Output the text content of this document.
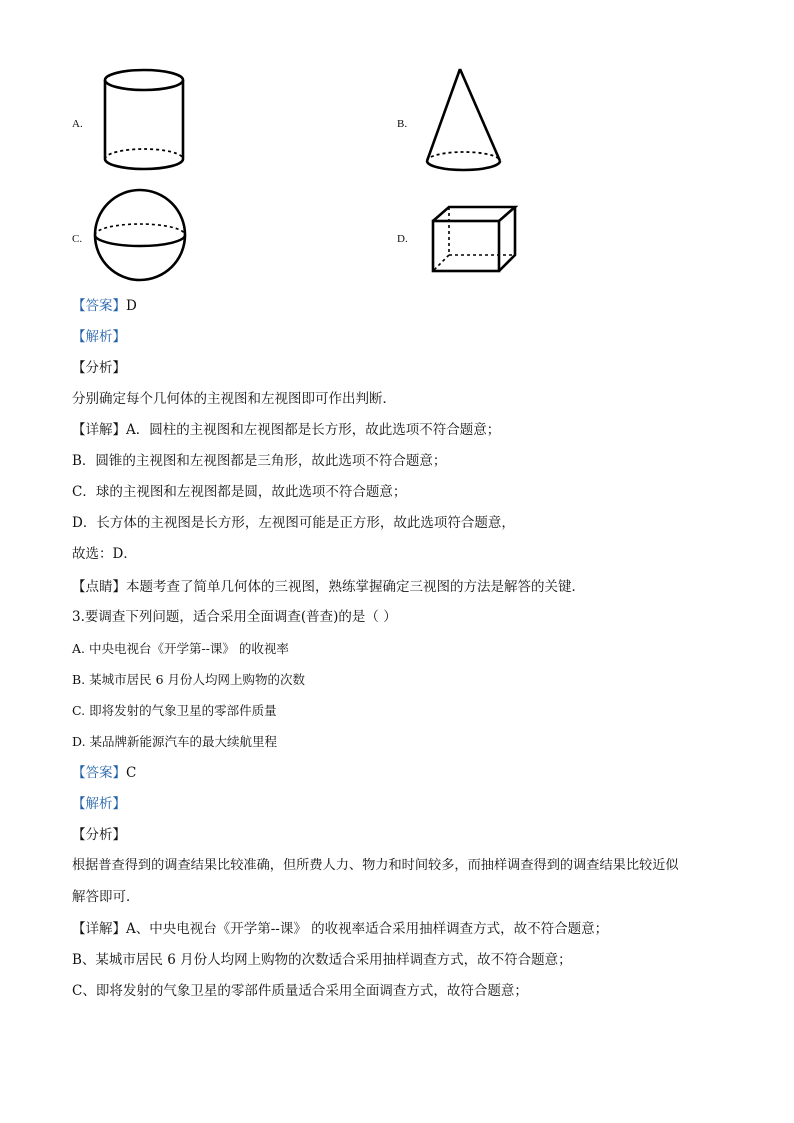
A.	B.
C.	D.
【答案】D
【解析】
【分析】
分别确定每个几何体的主视图和左视图即可作出判断．
【详解】A．圆柱的主视图和左视图都是长方形，故此选项不符合题意；
B．圆锥的主视图和左视图都是三角形，故此选项不符合题意；
C．球的主视图和左视图都是圆，故此选项不符合题意；
D．长方体的主视图是长方形，左视图可能是正方形，故此选项符合题意，
故选：D．
【点睛】本题考查了简单几何体的三视图，熟练掌握确定三视图的方法是解答的关键．
3.要调查下列问题，适合采用全面调查(普查)的是（ ）
A. 中央电视台《开学第--课》 的收视率
B. 某城市居民 6 月份人均网上购物的次数
C. 即将发射的气象卫星的零部件质量
D. 某品牌新能源汽车的最大续航里程
【答案】C
【解析】
【分析】
根据普查得到的调查结果比较准确，但所费人力、物力和时间较多，而抽样调查得到的调查结果比较近似
解答即可．
【详解】A、中央电视台《开学第--课》 的收视率适合采用抽样调查方式，故不符合题意；
B、某城市居民 6 月份人均网上购物的次数适合采用抽样调查方式，故不符合题意；
C、即将发射的气象卫星的零部件质量适合采用全面调查方式，故符合题意；
